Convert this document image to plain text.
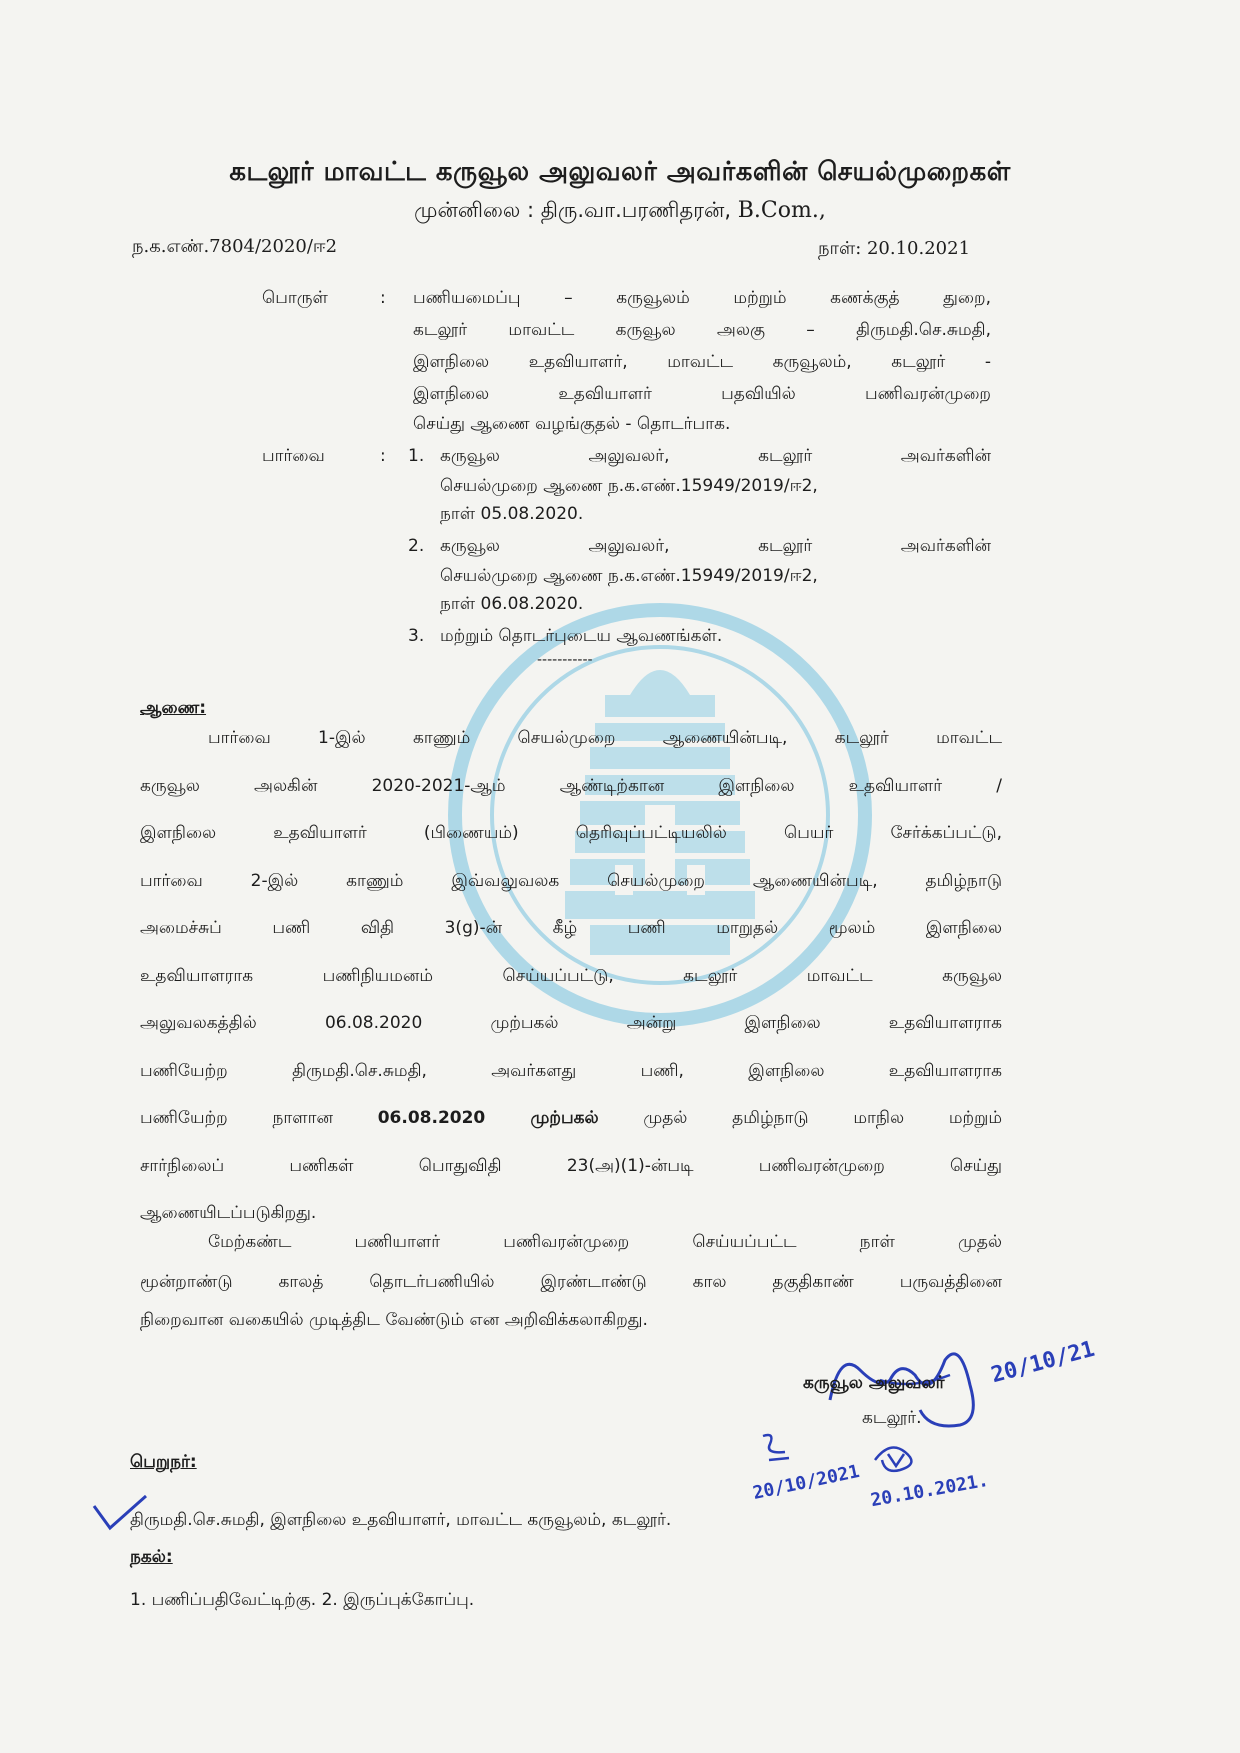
கடலூர் மாவட்ட கருவூல அலுவலர் அவர்களின் செயல்முறைகள்
முன்னிலை : திரு.வா.பரணிதரன், B.Com.,
ந.க.எண்.7804/2020/ஈ2	நாள்: 20.10.2021
பொருள்	: பணியமைப்பு – கருவூலம் மற்றும் கணக்குத் துறை,
கடலூர் மாவட்ட கருவூல அலகு – திருமதி.செ.சுமதி,
இளநிலை உதவியாளர், மாவட்ட கருவூலம், கடலூர் -
இளநிலை உதவியாளர் பதவியில் பணிவரன்முறை
செய்து ஆணை வழங்குதல் - தொடர்பாக.
பார்வை	: 1. கருவூல அலுவலர், கடலூர் அவர்களின்
செயல்முறை ஆணை ந.க.எண்.15949/2019/ஈ2,
நாள் 05.08.2020.
2. கருவூல அலுவலர், கடலூர் அவர்களின்
செயல்முறை ஆணை ந.க.எண்.15949/2019/ஈ2,
நாள் 06.08.2020.
3. மற்றும் தொடர்புடைய ஆவணங்கள்.
-----------
ஆணை:
பார்வை 1-இல் காணும் செயல்முறை ஆணையின்படி, கடலூர் மாவட்ட
கருவூல அலகின் 2020-2021-ஆம் ஆண்டிற்கான இளநிலை உதவியாளர் /
இளநிலை உதவியாளர் (பிணையம்) தெரிவுப்பட்டியலில் பெயர் சேர்க்கப்பட்டு,
பார்வை 2-இல் காணும் இவ்வலுவலக செயல்முறை ஆணையின்படி, தமிழ்நாடு
அமைச்சுப் பணி விதி 3(g)-ன் கீழ் பணி மாறுதல் மூலம் இளநிலை
உதவியாளராக பணிநியமனம் செய்யப்பட்டு, கடலூர் மாவட்ட கருவூல
அலுவலகத்தில் 06.08.2020 முற்பகல் அன்று இளநிலை உதவியாளராக
பணியேற்ற திருமதி.செ.சுமதி, அவர்களது பணி, இளநிலை உதவியாளராக
பணியேற்ற நாளான 06.08.2020 முற்பகல் முதல் தமிழ்நாடு மாநில மற்றும்
சார்நிலைப் பணிகள் பொதுவிதி 23(அ)(1)-ன்படி பணிவரன்முறை செய்து
ஆணையிடப்படுகிறது.
மேற்கண்ட பணியாளர் பணிவரன்முறை செய்யப்பட்ட நாள் முதல்
மூன்றாண்டு காலத் தொடர்பணியில் இரண்டாண்டு கால தகுதிகாண் பருவத்தினை
நிறைவான வகையில் முடித்திட வேண்டும் என அறிவிக்கலாகிறது.
20/10/21
கருவூல அலுவலர்
கடலூர்.
20/10/2021 20.10.2021.
பெறுநர்:
திருமதி.செ.சுமதி, இளநிலை உதவியாளர், மாவட்ட கருவூலம், கடலூர்.
நகல்:
1. பணிப்பதிவேட்டிற்கு. 2. இருப்புக்கோப்பு.
